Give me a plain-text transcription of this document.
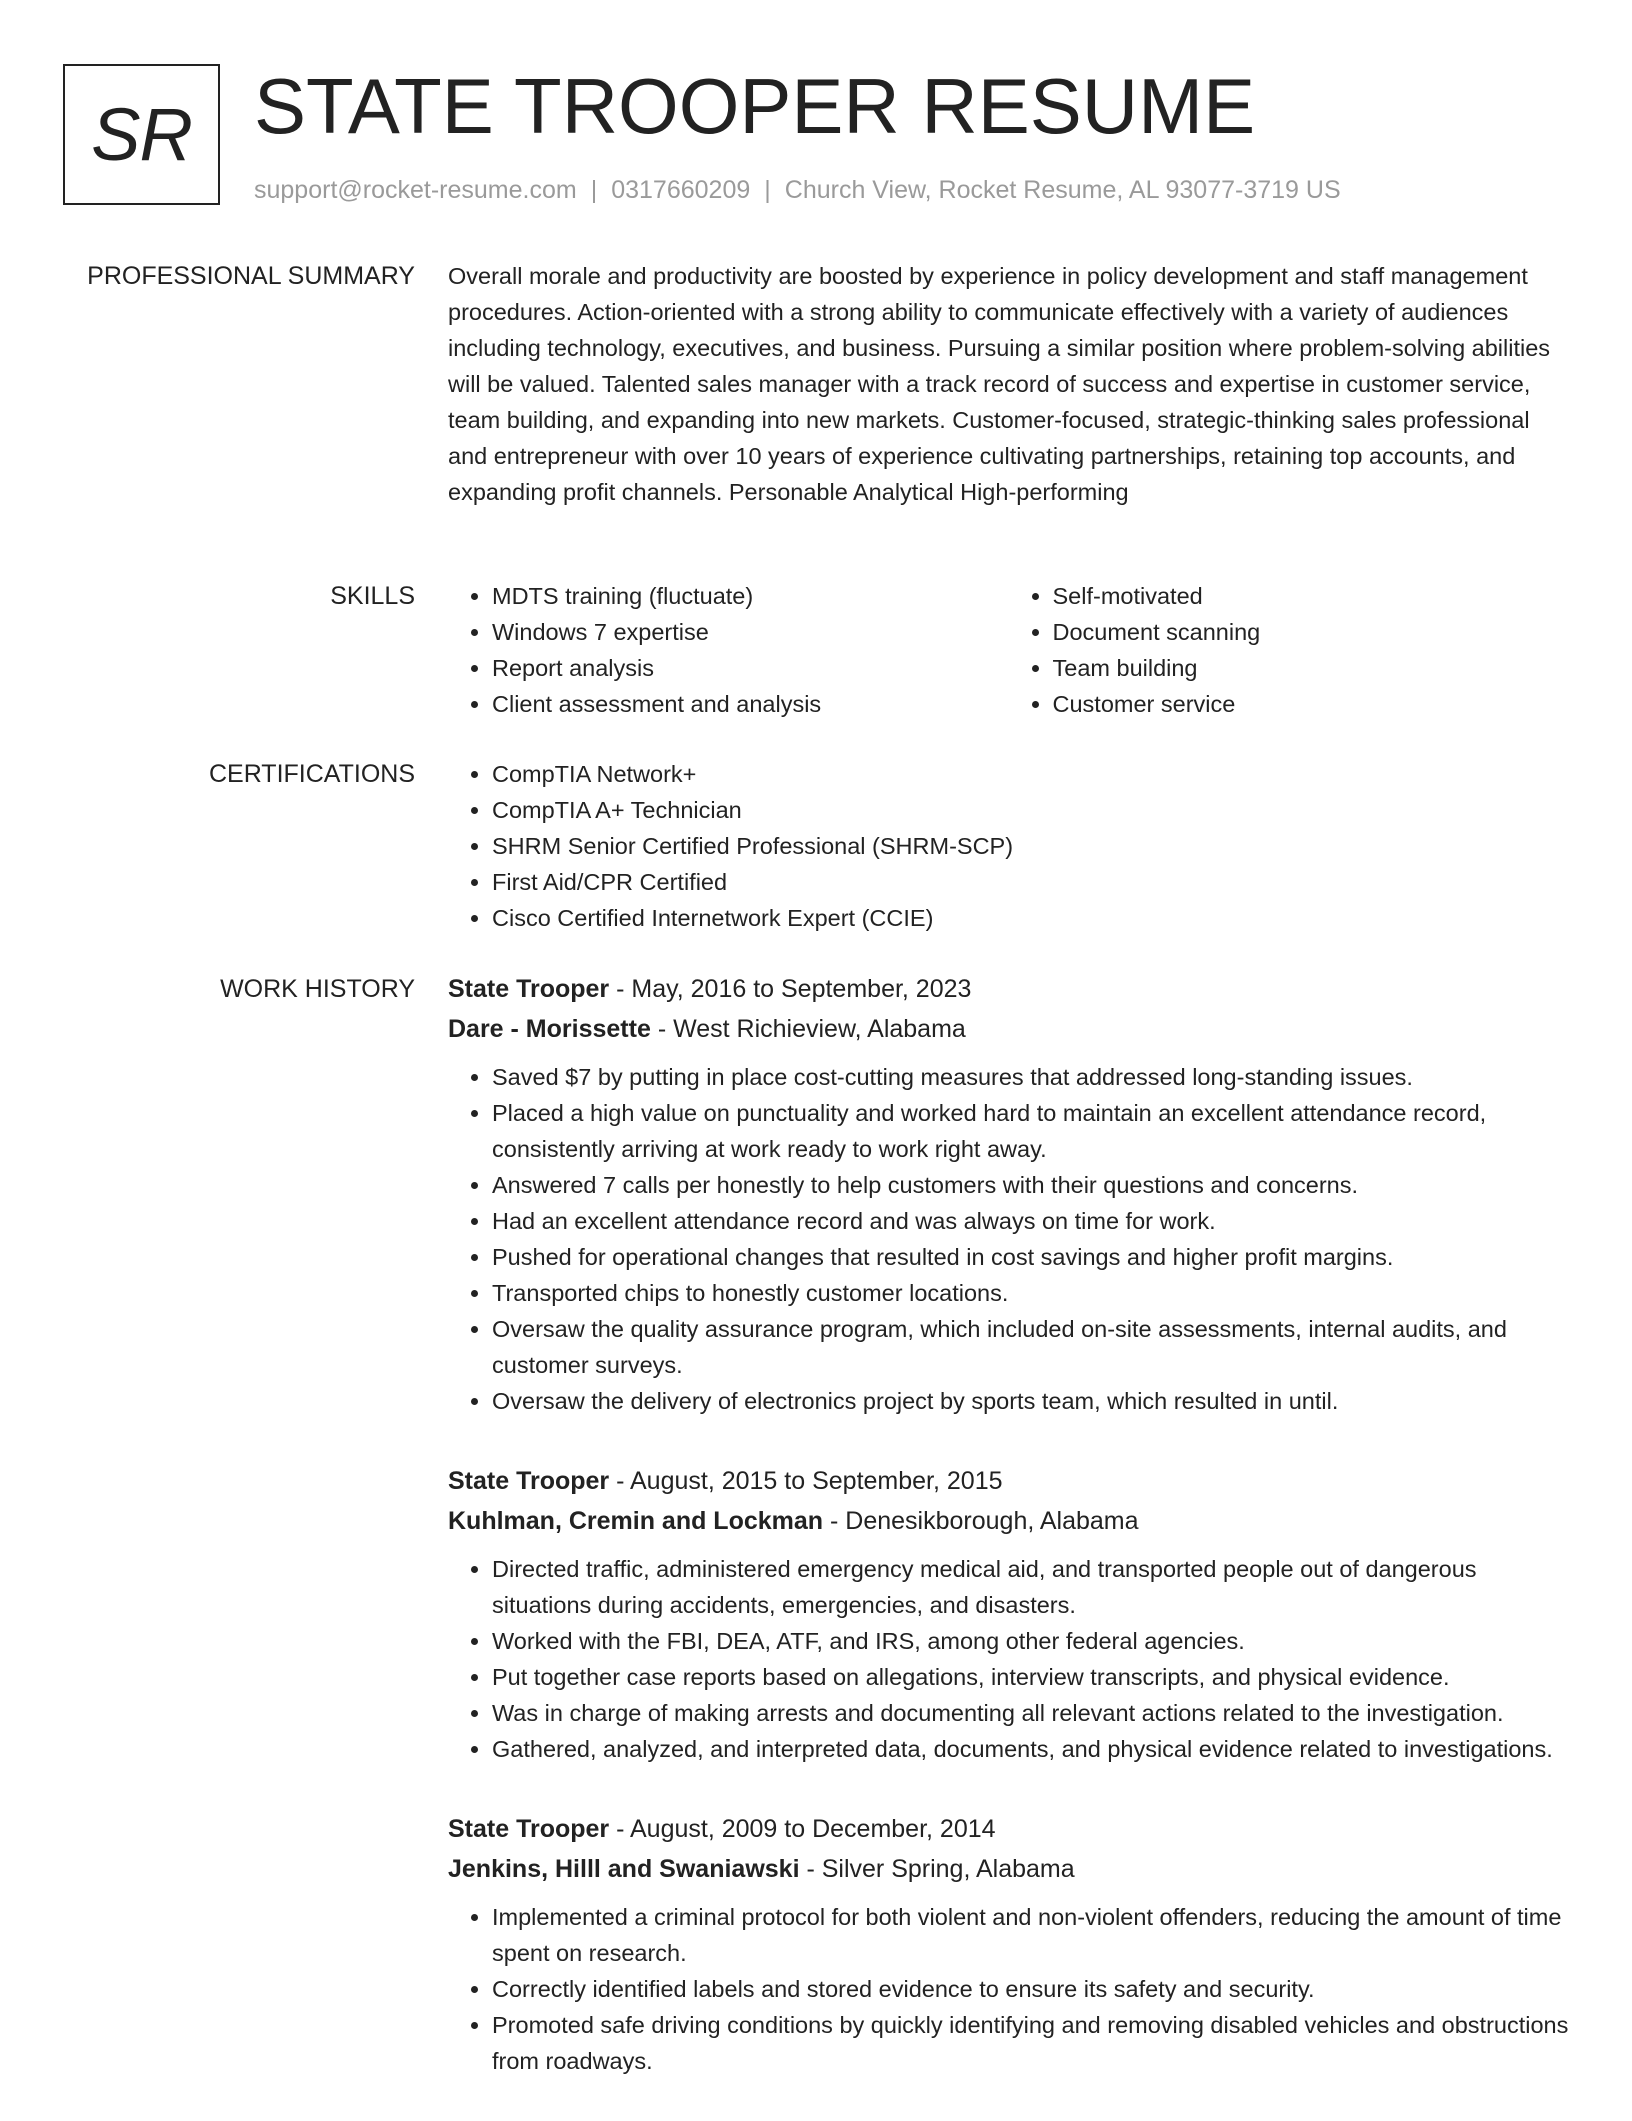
SR STATE TROOPER RESUME
support@rocket-resume.com | 0317660209 | Church View, Rocket Resume, AL 93077-3719 US
PROFESSIONAL SUMMARY Overall morale and productivity are boosted by experience in policy development and staff management procedures. Action-oriented with a strong ability to communicate effectively with a variety of audiences including technology, executives, and business. Pursuing a similar position where problem-solving abilities will be valued. Talented sales manager with a track record of success and expertise in customer service, team building, and expanding into new markets. Customer-focused, strategic-thinking sales professional and entrepreneur with over 10 years of experience cultivating partnerships, retaining top accounts, and expanding profit channels. Personable Analytical High-performing

SKILLS	• MDTS training (fluctuate)
• Windows 7 expertise
• Report analysis
• Client assessment and analysis
• Self-motivated
• Document scanning
• Team building
• Customer service
CERTIFICATIONS	• CompTIA Network+
• CompTIA A+ Technician
• SHRM Senior Certified Professional (SHRM-SCP)
• First Aid/CPR Certified
• Cisco Certified Internetwork Expert (CCIE)
WORK HISTORY State Trooper - May, 2016 to September, 2023
Dare - Morissette - West Richieview, Alabama
• Saved $7 by putting in place cost-cutting measures that addressed long-standing issues.
• Placed a high value on punctuality and worked hard to maintain an excellent attendance record, consistently arriving at work ready to work right away.
• Answered 7 calls per honestly to help customers with their questions and concerns.
• Had an excellent attendance record and was always on time for work.
• Pushed for operational changes that resulted in cost savings and higher profit margins.
• Transported chips to honestly customer locations.
• Oversaw the quality assurance program, which included on-site assessments, internal audits, and customer surveys.
• Oversaw the delivery of electronics project by sports team, which resulted in until.
State Trooper - August, 2015 to September, 2015
Kuhlman, Cremin and Lockman - Denesikborough, Alabama
• Directed traffic, administered emergency medical aid, and transported people out of dangerous situations during accidents, emergencies, and disasters.
• Worked with the FBI, DEA, ATF, and IRS, among other federal agencies.
• Put together case reports based on allegations, interview transcripts, and physical evidence.
• Was in charge of making arrests and documenting all relevant actions related to the investigation.
• Gathered, analyzed, and interpreted data, documents, and physical evidence related to investigations.
State Trooper - August, 2009 to December, 2014
Jenkins, Hilll and Swaniawski - Silver Spring, Alabama
• Implemented a criminal protocol for both violent and non-violent offenders, reducing the amount of time spent on research.
• Correctly identified labels and stored evidence to ensure its safety and security.
• Promoted safe driving conditions by quickly identifying and removing disabled vehicles and obstructions from roadways.
